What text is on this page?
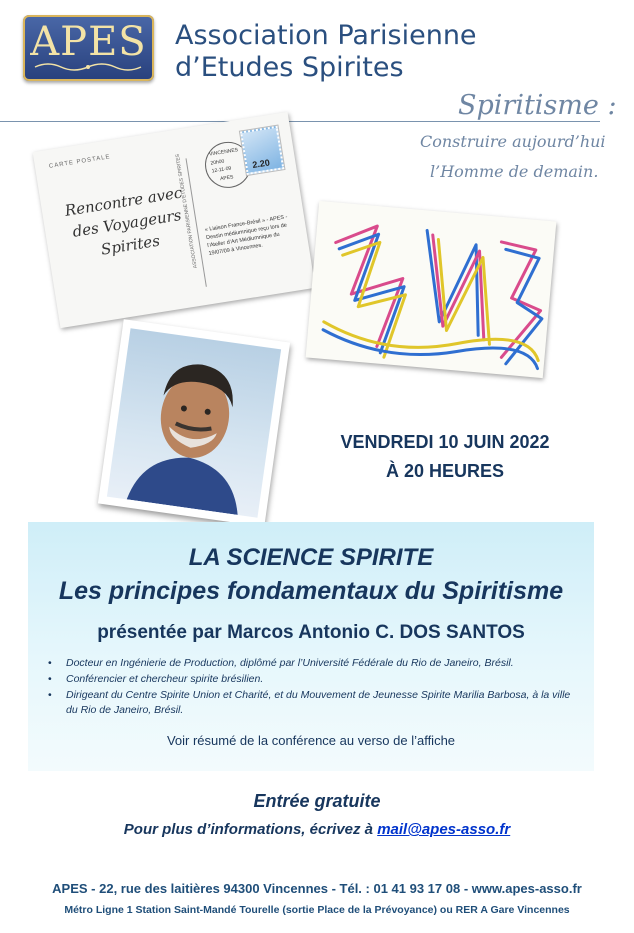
APES Association Parisienne
d’Etudes Spirites
Spiritisme :
Construire aujourd’hui
l’Homme de demain.
CARTE POSTALE
Rencontre avec des Voyageurs Spirites	ASSOCIATION PARISIENNE D’ETUDES SPIRITES
VINCENNES
20h00
12-11-09
APES
2.20
« Liaison France-Brésil » - APES - Dessin médiumnique reçu lors de l’Atelier d’Art Médiumnique du 19/07/09 à Vincennes.
VENDREDI 10 JUIN 2022
À 20 HEURES
LA SCIENCE SPIRITE
Les principes fondamentaux du Spiritisme
présentée par Marcos Antonio C. DOS SANTOS
• Docteur en Ingénierie de Production, diplômé par l’Université Fédérale du Rio de Janeiro, Brésil.
• Conférencier et chercheur spirite brésilien.
• Dirigeant du Centre Spirite Union et Charité, et du Mouvement de Jeunesse Spirite Marilia Barbosa, à la ville du Rio de Janeiro, Brésil.
Voir résumé de la conférence au verso de l’affiche
Entrée gratuite
Pour plus d’informations, écrivez à mail@apes-asso.fr
APES - 22, rue des laitières 94300 Vincennes - Tél. : 01 41 93 17 08 - www.apes-asso.fr
Métro Ligne 1 Station Saint-Mandé Tourelle (sortie Place de la Prévoyance) ou RER A Gare Vincennes
